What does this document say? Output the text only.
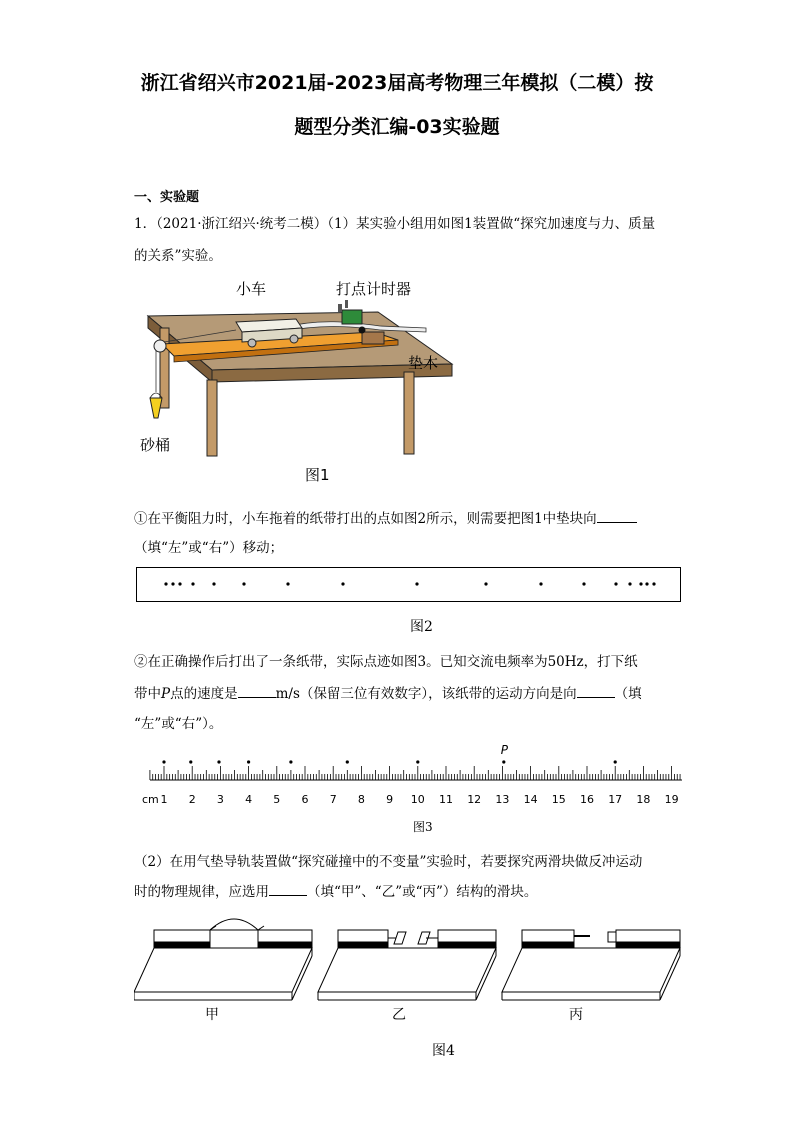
浙江省绍兴市2021届-2023届高考物理三年模拟（二模）按
题型分类汇编-03实验题
一、实验题
1．（2021·浙江绍兴·统考二模）（1）某实验小组用如图1装置做“探究加速度与力、质量
的关系”实验。
小车	打点计时器
垫木
砂桶
图1
①在平衡阻力时，小车拖着的纸带打出的点如图2所示，则需要把图1中垫块向
（填“左”或“右”）移动；
图2
②在正确操作后打出了一条纸带，实际点迹如图3。已知交流电频率为50Hz，打下纸
带中P点的速度是	m/s（保留三位有效数字），该纸带的运动方向是向	（填
“左”或“右”）。
P
1 2 3 4 5 6 7 8 9 10 11 12 13 14 15 16 17 18 19
cm
图3
（2）在用气垫导轨装置做“探究碰撞中的不变量”实验时，若要探究两滑块做反冲运动
时的物理规律，应选用	（填“甲”、“乙”或“丙”）结构的滑块。
甲	乙	丙
图4
